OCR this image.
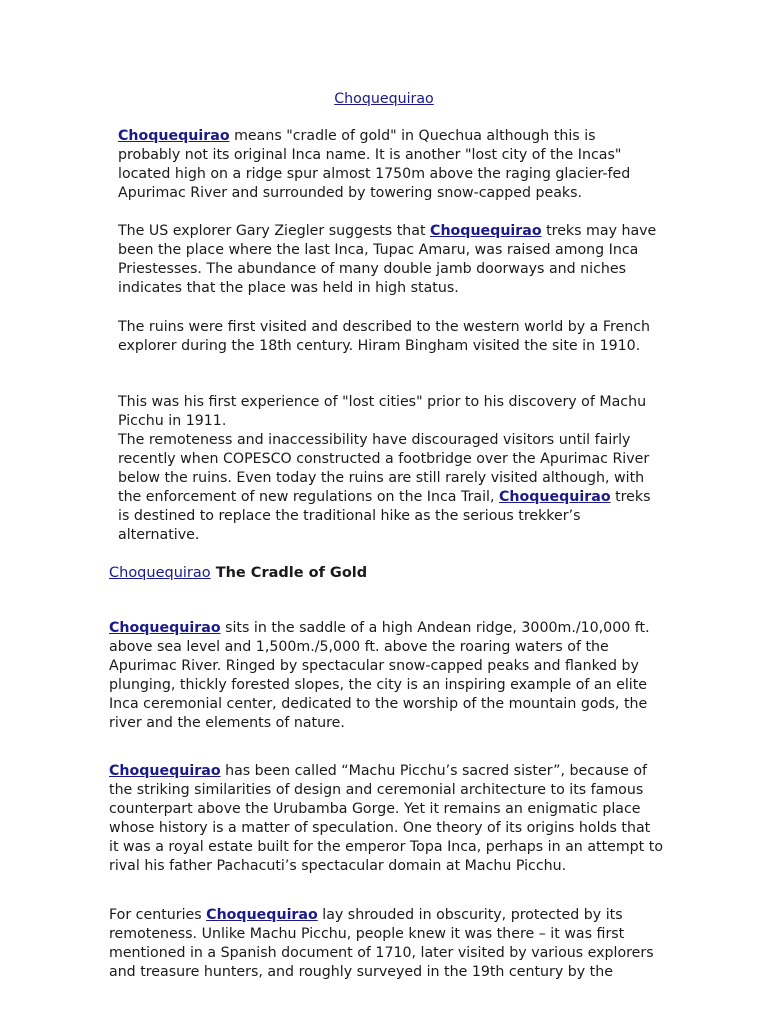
Choquequirao

Choquequirao means "cradle of gold" in Quechua although this is probably not its original Inca name. It is another "lost city of the Incas" located high on a ridge spur almost 1750m above the raging glacier-fed Apurimac River and surrounded by towering snow-capped peaks.

The US explorer Gary Ziegler suggests that Choquequirao treks may have been the place where the last Inca, Tupac Amaru, was raised among Inca Priestesses. The abundance of many double jamb doorways and niches indicates that the place was held in high status.

The ruins were first visited and described to the western world by a French explorer during the 18th century. Hiram Bingham visited the site in 1910.

This was his first experience of "lost cities" prior to his discovery of Machu Picchu in 1911.
The remoteness and inaccessibility have discouraged visitors until fairly recently when COPESCO constructed a footbridge over the Apurimac River below the ruins. Even today the ruins are still rarely visited although, with the enforcement of new regulations on the Inca Trail, Choquequirao treks is destined to replace the traditional hike as the serious trekker’s alternative.
Choquequirao The Cradle of Gold

Choquequirao sits in the saddle of a high Andean ridge, 3000m./10,000 ft. above sea level and 1,500m./5,000 ft. above the roaring waters of the Apurimac River. Ringed by spectacular snow-capped peaks and flanked by plunging, thickly forested slopes, the city is an inspiring example of an elite Inca ceremonial center, dedicated to the worship of the mountain gods, the river and the elements of nature.

Choquequirao has been called “Machu Picchu’s sacred sister”, because of the striking similarities of design and ceremonial architecture to its famous counterpart above the Urubamba Gorge. Yet it remains an enigmatic place whose history is a matter of speculation. One theory of its origins holds that it was a royal estate built for the emperor Topa Inca, perhaps in an attempt to rival his father Pachacuti’s spectacular domain at Machu Picchu.

For centuries Choquequirao lay shrouded in obscurity, protected by its remoteness. Unlike Machu Picchu, people knew it was there – it was first mentioned in a Spanish document of 1710, later visited by various explorers and treasure hunters, and roughly surveyed in the 19th century by the
